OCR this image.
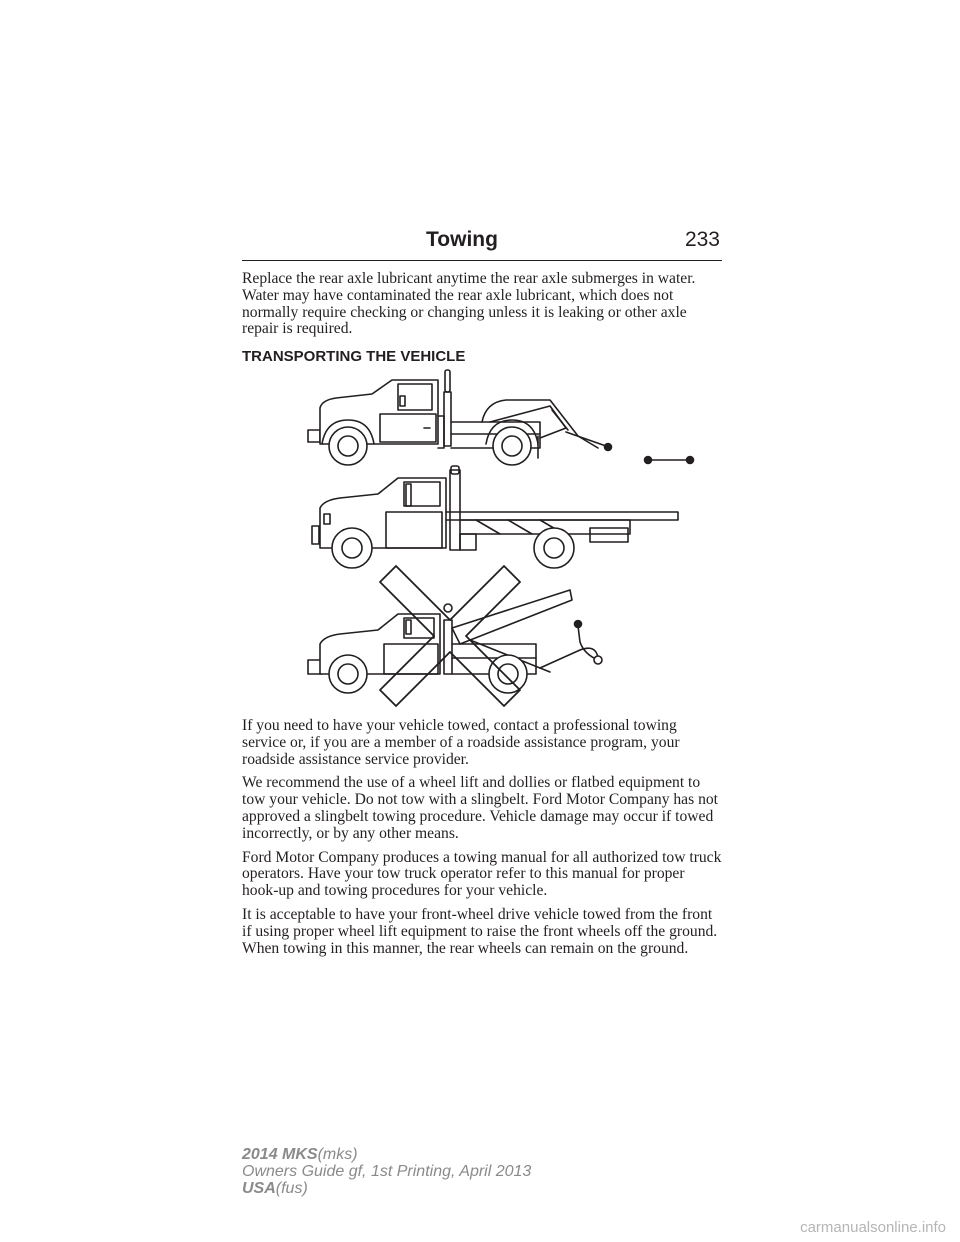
Towing	233

Replace the rear axle lubricant anytime the rear axle submerges in water. Water may have contaminated the rear axle lubricant, which does not normally require checking or changing unless it is leaking or other axle repair is required.

TRANSPORTING THE VEHICLE

If you need to have your vehicle towed, contact a professional towing service or, if you are a member of a roadside assistance program, your roadside assistance service provider.

We recommend the use of a wheel lift and dollies or flatbed equipment to tow your vehicle. Do not tow with a slingbelt. Ford Motor Company has not approved a slingbelt towing procedure. Vehicle damage may occur if towed incorrectly, or by any other means.

Ford Motor Company produces a towing manual for all authorized tow truck operators. Have your tow truck operator refer to this manual for proper hook-up and towing procedures for your vehicle.

It is acceptable to have your front-wheel drive vehicle towed from the front if using proper wheel lift equipment to raise the front wheels off the ground. When towing in this manner, the rear wheels can remain on the ground.

2014 MKS(mks)
Owners Guide gf, 1st Printing, April 2013
USA(fus)
carmanualsonline.info
